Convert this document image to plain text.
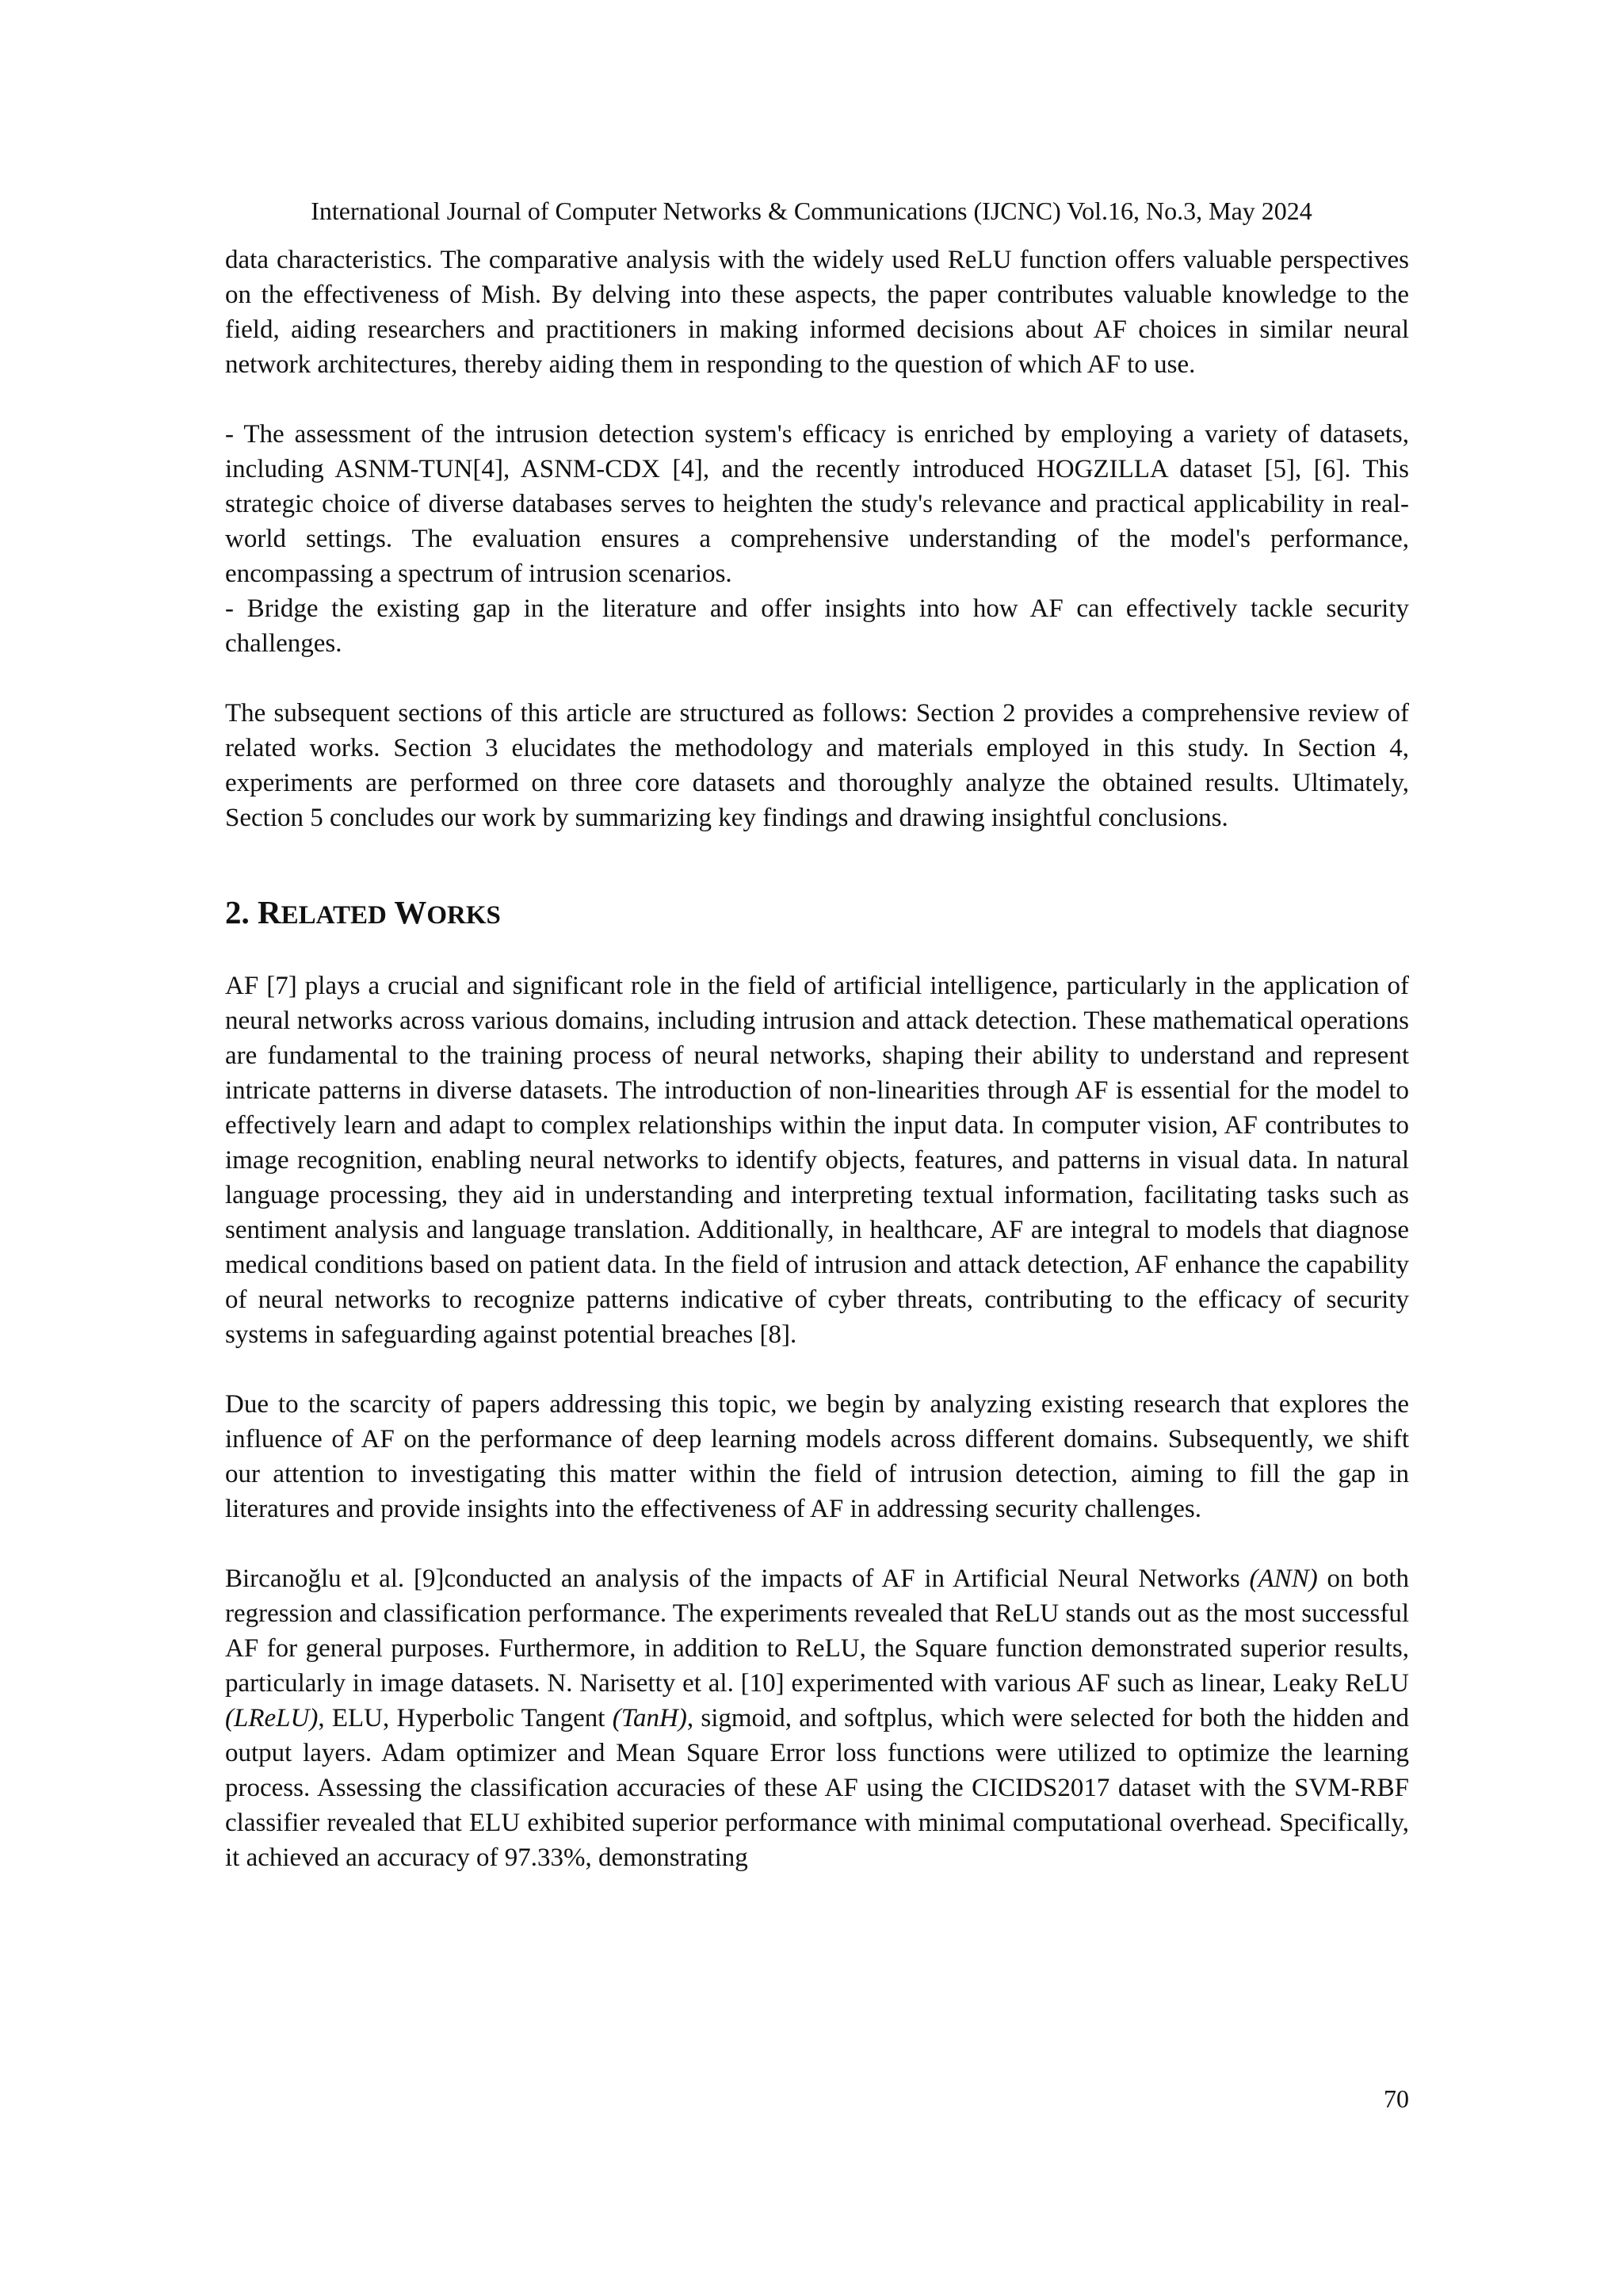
International Journal of Computer Networks & Communications (IJCNC) Vol.16, No.3, May 2024

data characteristics. The comparative analysis with the widely used ReLU function offers valuable perspectives on the effectiveness of Mish. By delving into these aspects, the paper contributes valuable knowledge to the field, aiding researchers and practitioners in making informed decisions about AF choices in similar neural network architectures, thereby aiding them in responding to the question of which AF to use.

- The assessment of the intrusion detection system's efficacy is enriched by employing a variety of datasets, including ASNM-TUN[4], ASNM-CDX [4], and the recently introduced HOGZILLA dataset [5], [6]. This strategic choice of diverse databases serves to heighten the study's relevance and practical applicability in real-world settings. The evaluation ensures a comprehensive understanding of the model's performance, encompassing a spectrum of intrusion scenarios.

- Bridge the existing gap in the literature and offer insights into how AF can effectively tackle security challenges.

The subsequent sections of this article are structured as follows: Section 2 provides a comprehensive review of related works. Section 3 elucidates the methodology and materials employed in this study. In Section 4, experiments are performed on three core datasets and thoroughly analyze the obtained results. Ultimately, Section 5 concludes our work by summarizing key findings and drawing insightful conclusions.

2. RELATED WORKS

AF [7] plays a crucial and significant role in the field of artificial intelligence, particularly in the application of neural networks across various domains, including intrusion and attack detection. These mathematical operations are fundamental to the training process of neural networks, shaping their ability to understand and represent intricate patterns in diverse datasets. The introduction of non-linearities through AF is essential for the model to effectively learn and adapt to complex relationships within the input data. In computer vision, AF contributes to image recognition, enabling neural networks to identify objects, features, and patterns in visual data. In natural language processing, they aid in understanding and interpreting textual information, facilitating tasks such as sentiment analysis and language translation. Additionally, in healthcare, AF are integral to models that diagnose medical conditions based on patient data. In the field of intrusion and attack detection, AF enhance the capability of neural networks to recognize patterns indicative of cyber threats, contributing to the efficacy of security systems in safeguarding against potential breaches [8].

Due to the scarcity of papers addressing this topic, we begin by analyzing existing research that explores the influence of AF on the performance of deep learning models across different domains. Subsequently, we shift our attention to investigating this matter within the field of intrusion detection, aiming to fill the gap in literatures and provide insights into the effectiveness of AF in addressing security challenges.

Bircanoğlu et al. [9]conducted an analysis of the impacts of AF in Artificial Neural Networks (ANN) on both regression and classification performance. The experiments revealed that ReLU stands out as the most successful AF for general purposes. Furthermore, in addition to ReLU, the Square function demonstrated superior results, particularly in image datasets. N. Narisetty et al. [10] experimented with various AF such as linear, Leaky ReLU (LReLU), ELU, Hyperbolic Tangent (TanH), sigmoid, and softplus, which were selected for both the hidden and output layers. Adam optimizer and Mean Square Error loss functions were utilized to optimize the learning process. Assessing the classification accuracies of these AF using the CICIDS2017 dataset with the SVM-RBF classifier revealed that ELU exhibited superior performance with minimal computational overhead. Specifically, it achieved an accuracy of 97.33%, demonstrating

70
